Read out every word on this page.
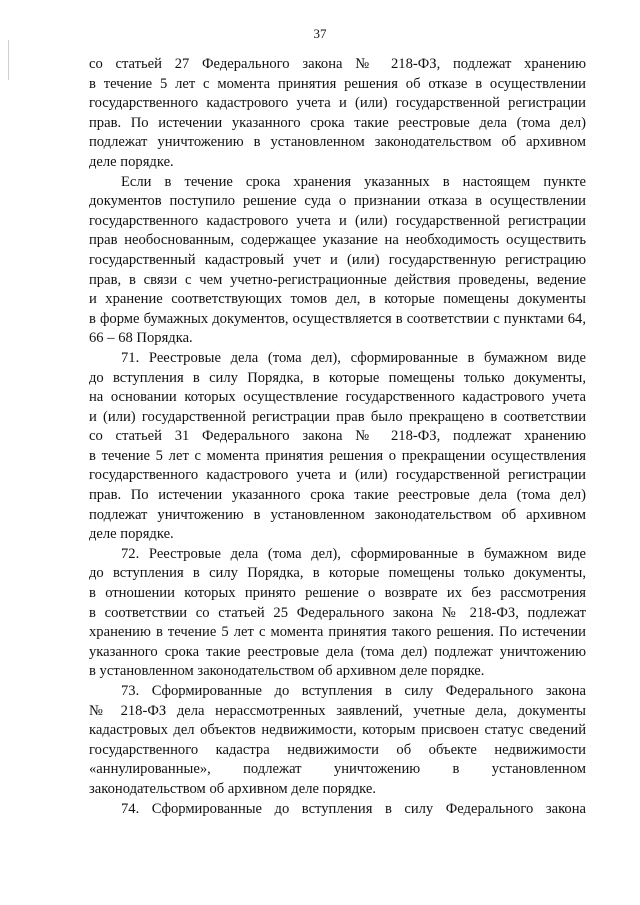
37
со статьей 27 Федерального закона № 218-ФЗ, подлежат хранению
в течение 5 лет с момента принятия решения об отказе в осуществлении
государственного кадастрового учета и (или) государственной регистрации
прав. По истечении указанного срока такие реестровые дела (тома дел)
подлежат уничтожению в установленном законодательством об архивном
деле порядке.
Если в течение срока хранения указанных в настоящем пункте
документов поступило решение суда о признании отказа в осуществлении
государственного кадастрового учета и (или) государственной регистрации
прав необоснованным, содержащее указание на необходимость осуществить
государственный кадастровый учет и (или) государственную регистрацию
прав, в связи с чем учетно-регистрационные действия проведены, ведение
и хранение соответствующих томов дел, в которые помещены документы
в форме бумажных документов, осуществляется в соответствии с пунктами 64,
66 – 68 Порядка.
71. Реестровые дела (тома дел), сформированные в бумажном виде
до вступления в силу Порядка, в которые помещены только документы,
на основании которых осуществление государственного кадастрового учета
и (или) государственной регистрации прав было прекращено в соответствии
со статьей 31 Федерального закона № 218-ФЗ, подлежат хранению
в течение 5 лет с момента принятия решения о прекращении осуществления
государственного кадастрового учета и (или) государственной регистрации
прав. По истечении указанного срока такие реестровые дела (тома дел)
подлежат уничтожению в установленном законодательством об архивном
деле порядке.
72. Реестровые дела (тома дел), сформированные в бумажном виде
до вступления в силу Порядка, в которые помещены только документы,
в отношении которых принято решение о возврате их без рассмотрения
в соответствии со статьей 25 Федерального закона № 218-ФЗ, подлежат
хранению в течение 5 лет с момента принятия такого решения. По истечении
указанного срока такие реестровые дела (тома дел) подлежат уничтожению
в установленном законодательством об архивном деле порядке.
73. Сформированные до вступления в силу Федерального закона
№ 218-ФЗ дела нерассмотренных заявлений, учетные дела, документы
кадастровых дел объектов недвижимости, которым присвоен статус сведений
государственного кадастра недвижимости об объекте недвижимости
«аннулированные», подлежат уничтожению в установленном
законодательством об архивном деле порядке.
74. Сформированные до вступления в силу Федерального закона
